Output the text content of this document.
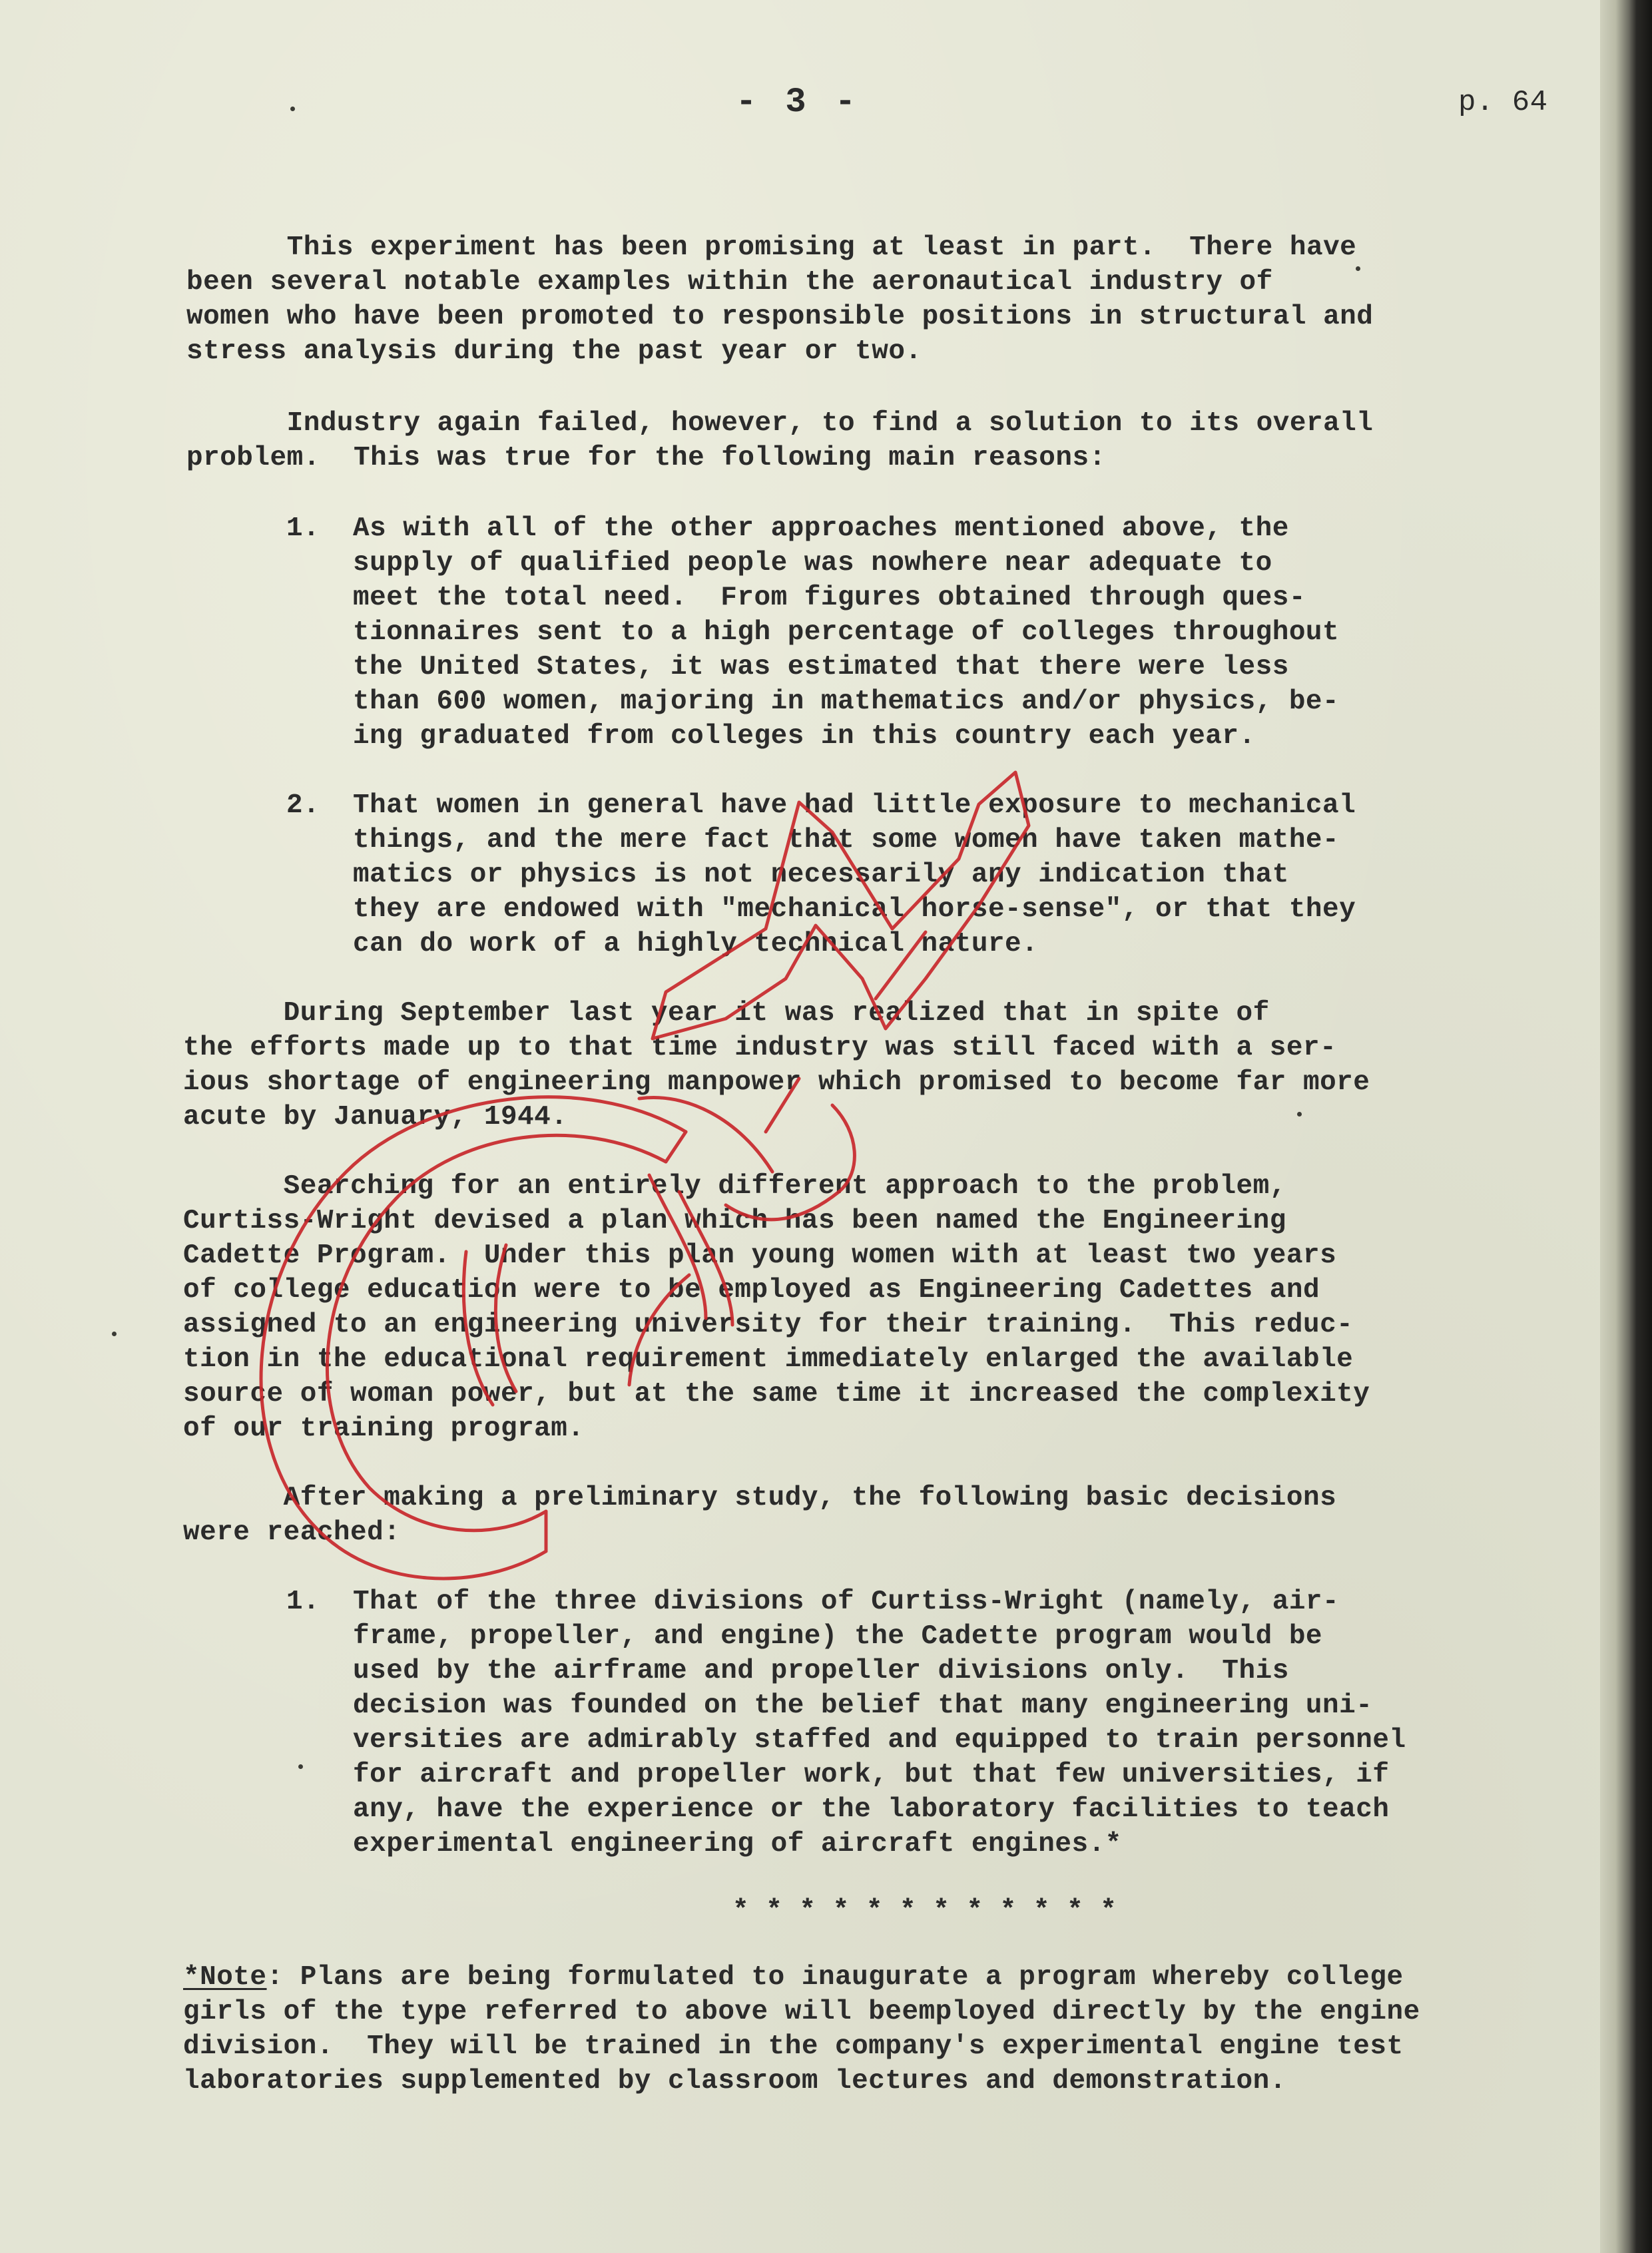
- 3 -	p. 64
This experiment has been promising at least in part.  There have
been several notable examples within the aeronautical industry of
women who have been promoted to responsible positions in structural and
stress analysis during the past year or two.
Industry again failed, however, to find a solution to its overall
problem.  This was true for the following main reasons:
1. As with all of the other approaches mentioned above, the
supply of qualified people was nowhere near adequate to
meet the total need.  From figures obtained through ques-
tionnaires sent to a high percentage of colleges throughout
the United States, it was estimated that there were less
than 600 women, majoring in mathematics and/or physics, be-
ing graduated from colleges in this country each year.
2. That women in general have had little exposure to mechanical
things, and the mere fact that some women have taken mathe-
matics or physics is not necessarily any indication that
they are endowed with "mechanical horse-sense", or that they
can do work of a highly technical nature.
During September last year it was realized that in spite of
the efforts made up to that time industry was still faced with a ser-
ious shortage of engineering manpower which promised to become far more
acute by January, 1944.
Searching for an entirely different approach to the problem,
Curtiss-Wright devised a plan which has been named the Engineering
Cadette Program.  Under this plan young women with at least two years
of college education were to be employed as Engineering Cadettes and
assigned to an engineering university for their training.  This reduc-
tion in the educational requirement immediately enlarged the available
source of woman power, but at the same time it increased the complexity
of our training program.
After making a preliminary study, the following basic decisions
were reached:
1. That of the three divisions of Curtiss-Wright (namely, air-
frame, propeller, and engine) the Cadette program would be
used by the airframe and propeller divisions only.  This
decision was founded on the belief that many engineering uni-
versities are admirably staffed and equipped to train personnel
for aircraft and propeller work, but that few universities, if
any, have the experience or the laboratory facilities to teach
experimental engineering of aircraft engines.*
* * * * * * * * * * * *
*Note: Plans are being formulated to inaugurate a program whereby college
girls of the type referred to above will beemployed directly by the engine
division.  They will be trained in the company's experimental engine test
laboratories supplemented by classroom lectures and demonstration.
